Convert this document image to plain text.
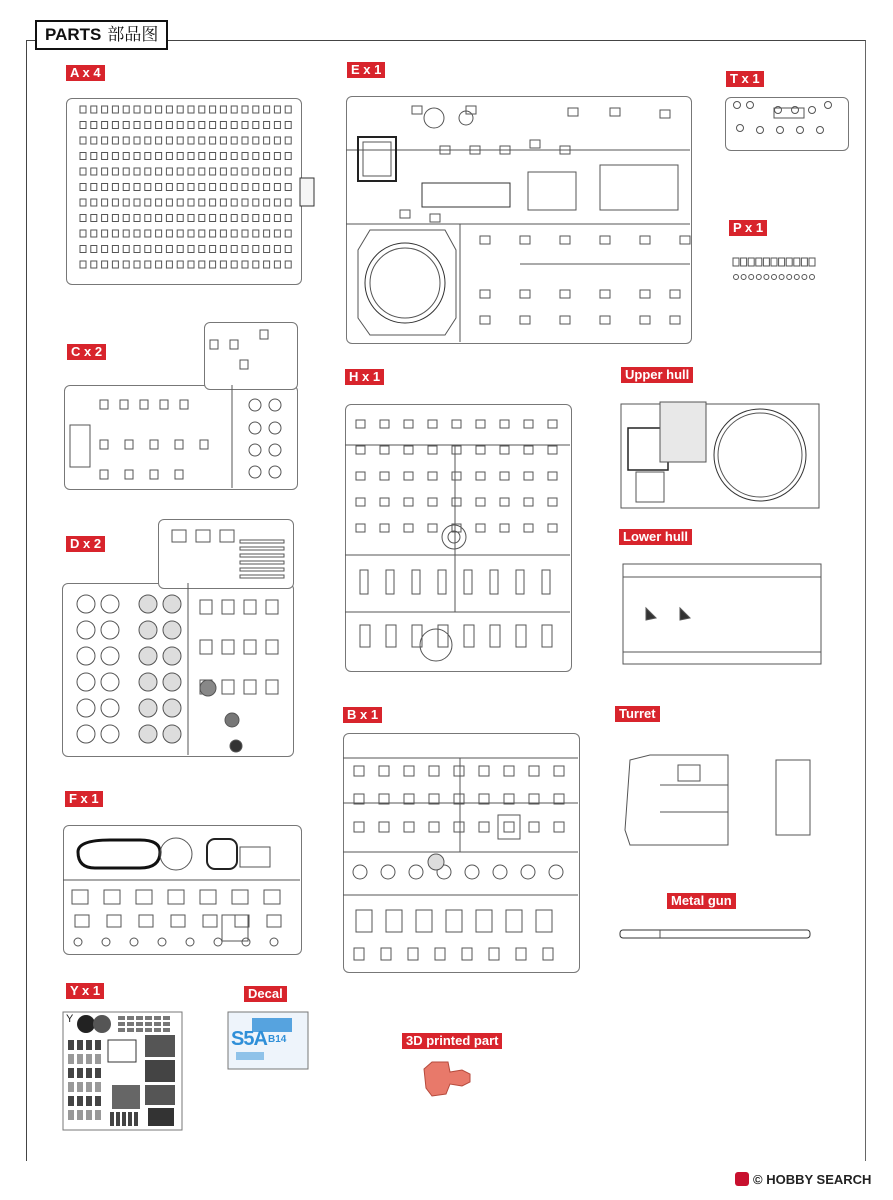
PARTS 部品图
A x 4	E x 1
T x 1
P x 1
C x 2
H x 1	Upper hull
D x 2	Lower hull
B x 1	Turret
F x 1
Metal gun
Y x 1	Decal
3D printed part
Y
S5A B14
© HOBBY SEARCH
